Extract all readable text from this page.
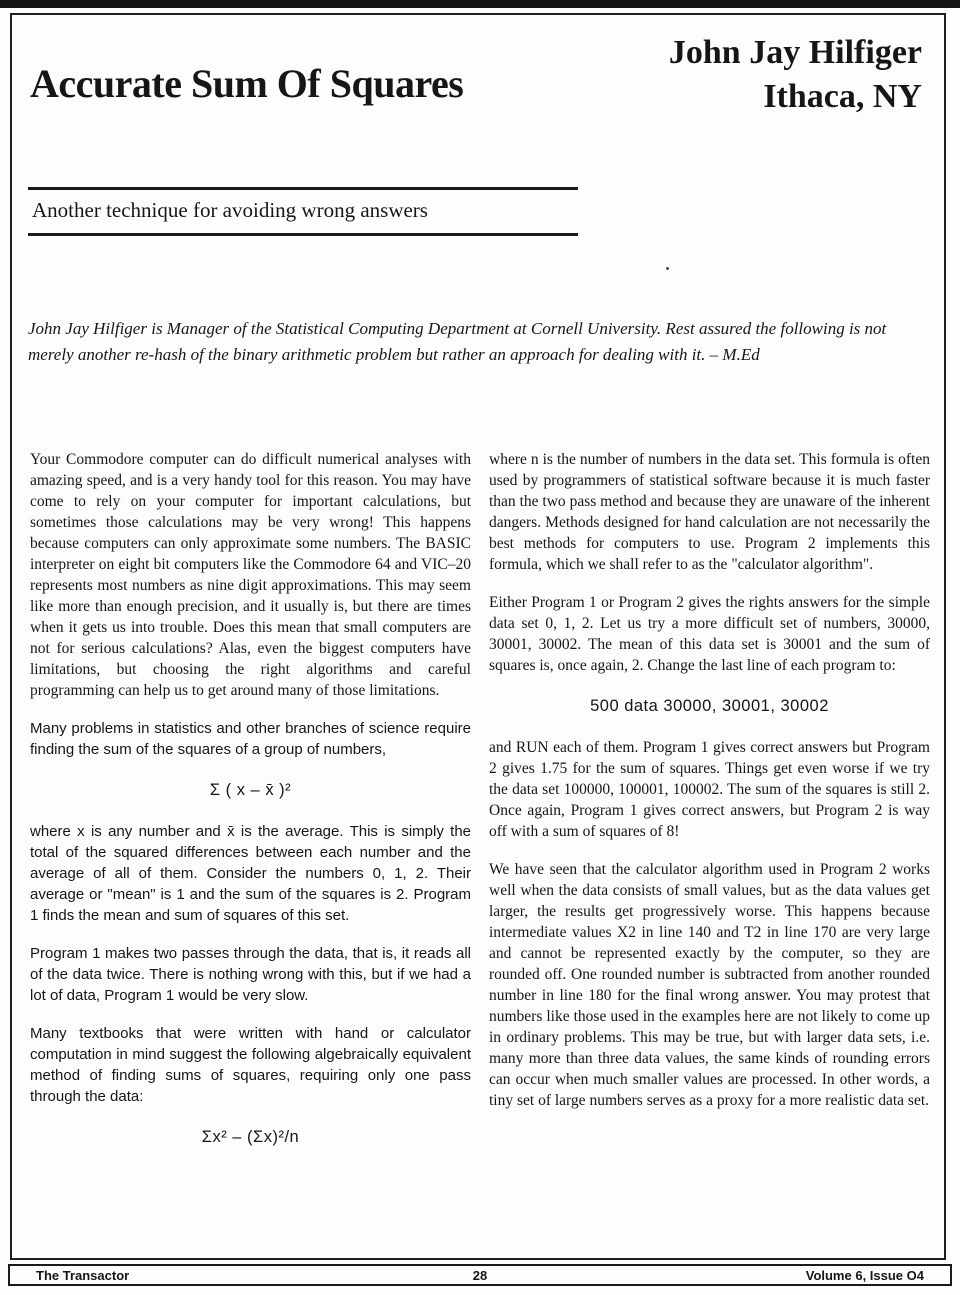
Accurate Sum Of Squares
John Jay Hilfiger
Ithaca, NY
Another technique for avoiding wrong answers

John Jay Hilfiger is Manager of the Statistical Computing Department at Cornell University. Rest assured the following is not merely another re-hash of the binary arithmetic problem but rather an approach for dealing with it. – M.Ed

Your Commodore computer can do difficult numerical analyses with amazing speed, and is a very handy tool for this reason. You may have come to rely on your computer for important calculations, but sometimes those calculations may be very wrong! This happens because computers can only approximate some numbers. The BASIC interpreter on eight bit computers like the Commodore 64 and VIC–20 represents most numbers as nine digit approximations. This may seem like more than enough precision, and it usually is, but there are times when it gets us into trouble. Does this mean that small computers are not for serious calculations? Alas, even the biggest computers have limitations, but choosing the right algorithms and careful programming can help us to get around many of those limitations.

Many problems in statistics and other branches of science require finding the sum of the squares of a group of numbers,

Σ ( x – x̄ )²

where x is any number and x̄ is the average. This is simply the total of the squared differences between each number and the average of all of them. Consider the numbers 0, 1, 2. Their average or "mean" is 1 and the sum of the squares is 2. Program 1 finds the mean and sum of squares of this set.

Program 1 makes two passes through the data, that is, it reads all of the data twice. There is nothing wrong with this, but if we had a lot of data, Program 1 would be very slow.

Many textbooks that were written with hand or calculator computation in mind suggest the following algebraically equivalent method of finding sums of squares, requiring only one pass through the data:

Σx² – (Σx)²/n

where n is the number of numbers in the data set. This formula is often used by programmers of statistical software because it is much faster than the two pass method and because they are unaware of the inherent dangers. Methods designed for hand calculation are not necessarily the best methods for computers to use. Program 2 implements this formula, which we shall refer to as the "calculator algorithm".

Either Program 1 or Program 2 gives the rights answers for the simple data set 0, 1, 2. Let us try a more difficult set of numbers, 30000, 30001, 30002. The mean of this data set is 30001 and the sum of squares is, once again, 2. Change the last line of each program to:

500 data 30000, 30001, 30002

and RUN each of them. Program 1 gives correct answers but Program 2 gives 1.75 for the sum of squares. Things get even worse if we try the data set 100000, 100001, 100002. The sum of the squares is still 2. Once again, Program 1 gives correct answers, but Program 2 is way off with a sum of squares of 8!

We have seen that the calculator algorithm used in Program 2 works well when the data consists of small values, but as the data values get larger, the results get progressively worse. This happens because intermediate values X2 in line 140 and T2 in line 170 are very large and cannot be represented exactly by the computer, so they are rounded off. One rounded number is subtracted from another rounded number in line 180 for the final wrong answer. You may protest that numbers like those used in the examples here are not likely to come up in ordinary problems. This may be true, but with larger data sets, i.e. many more than three data values, the same kinds of rounding errors can occur when much smaller values are processed. In other words, a tiny set of large numbers serves as a proxy for a more realistic data set.

The Transactor	28	Volume 6, Issue O4
